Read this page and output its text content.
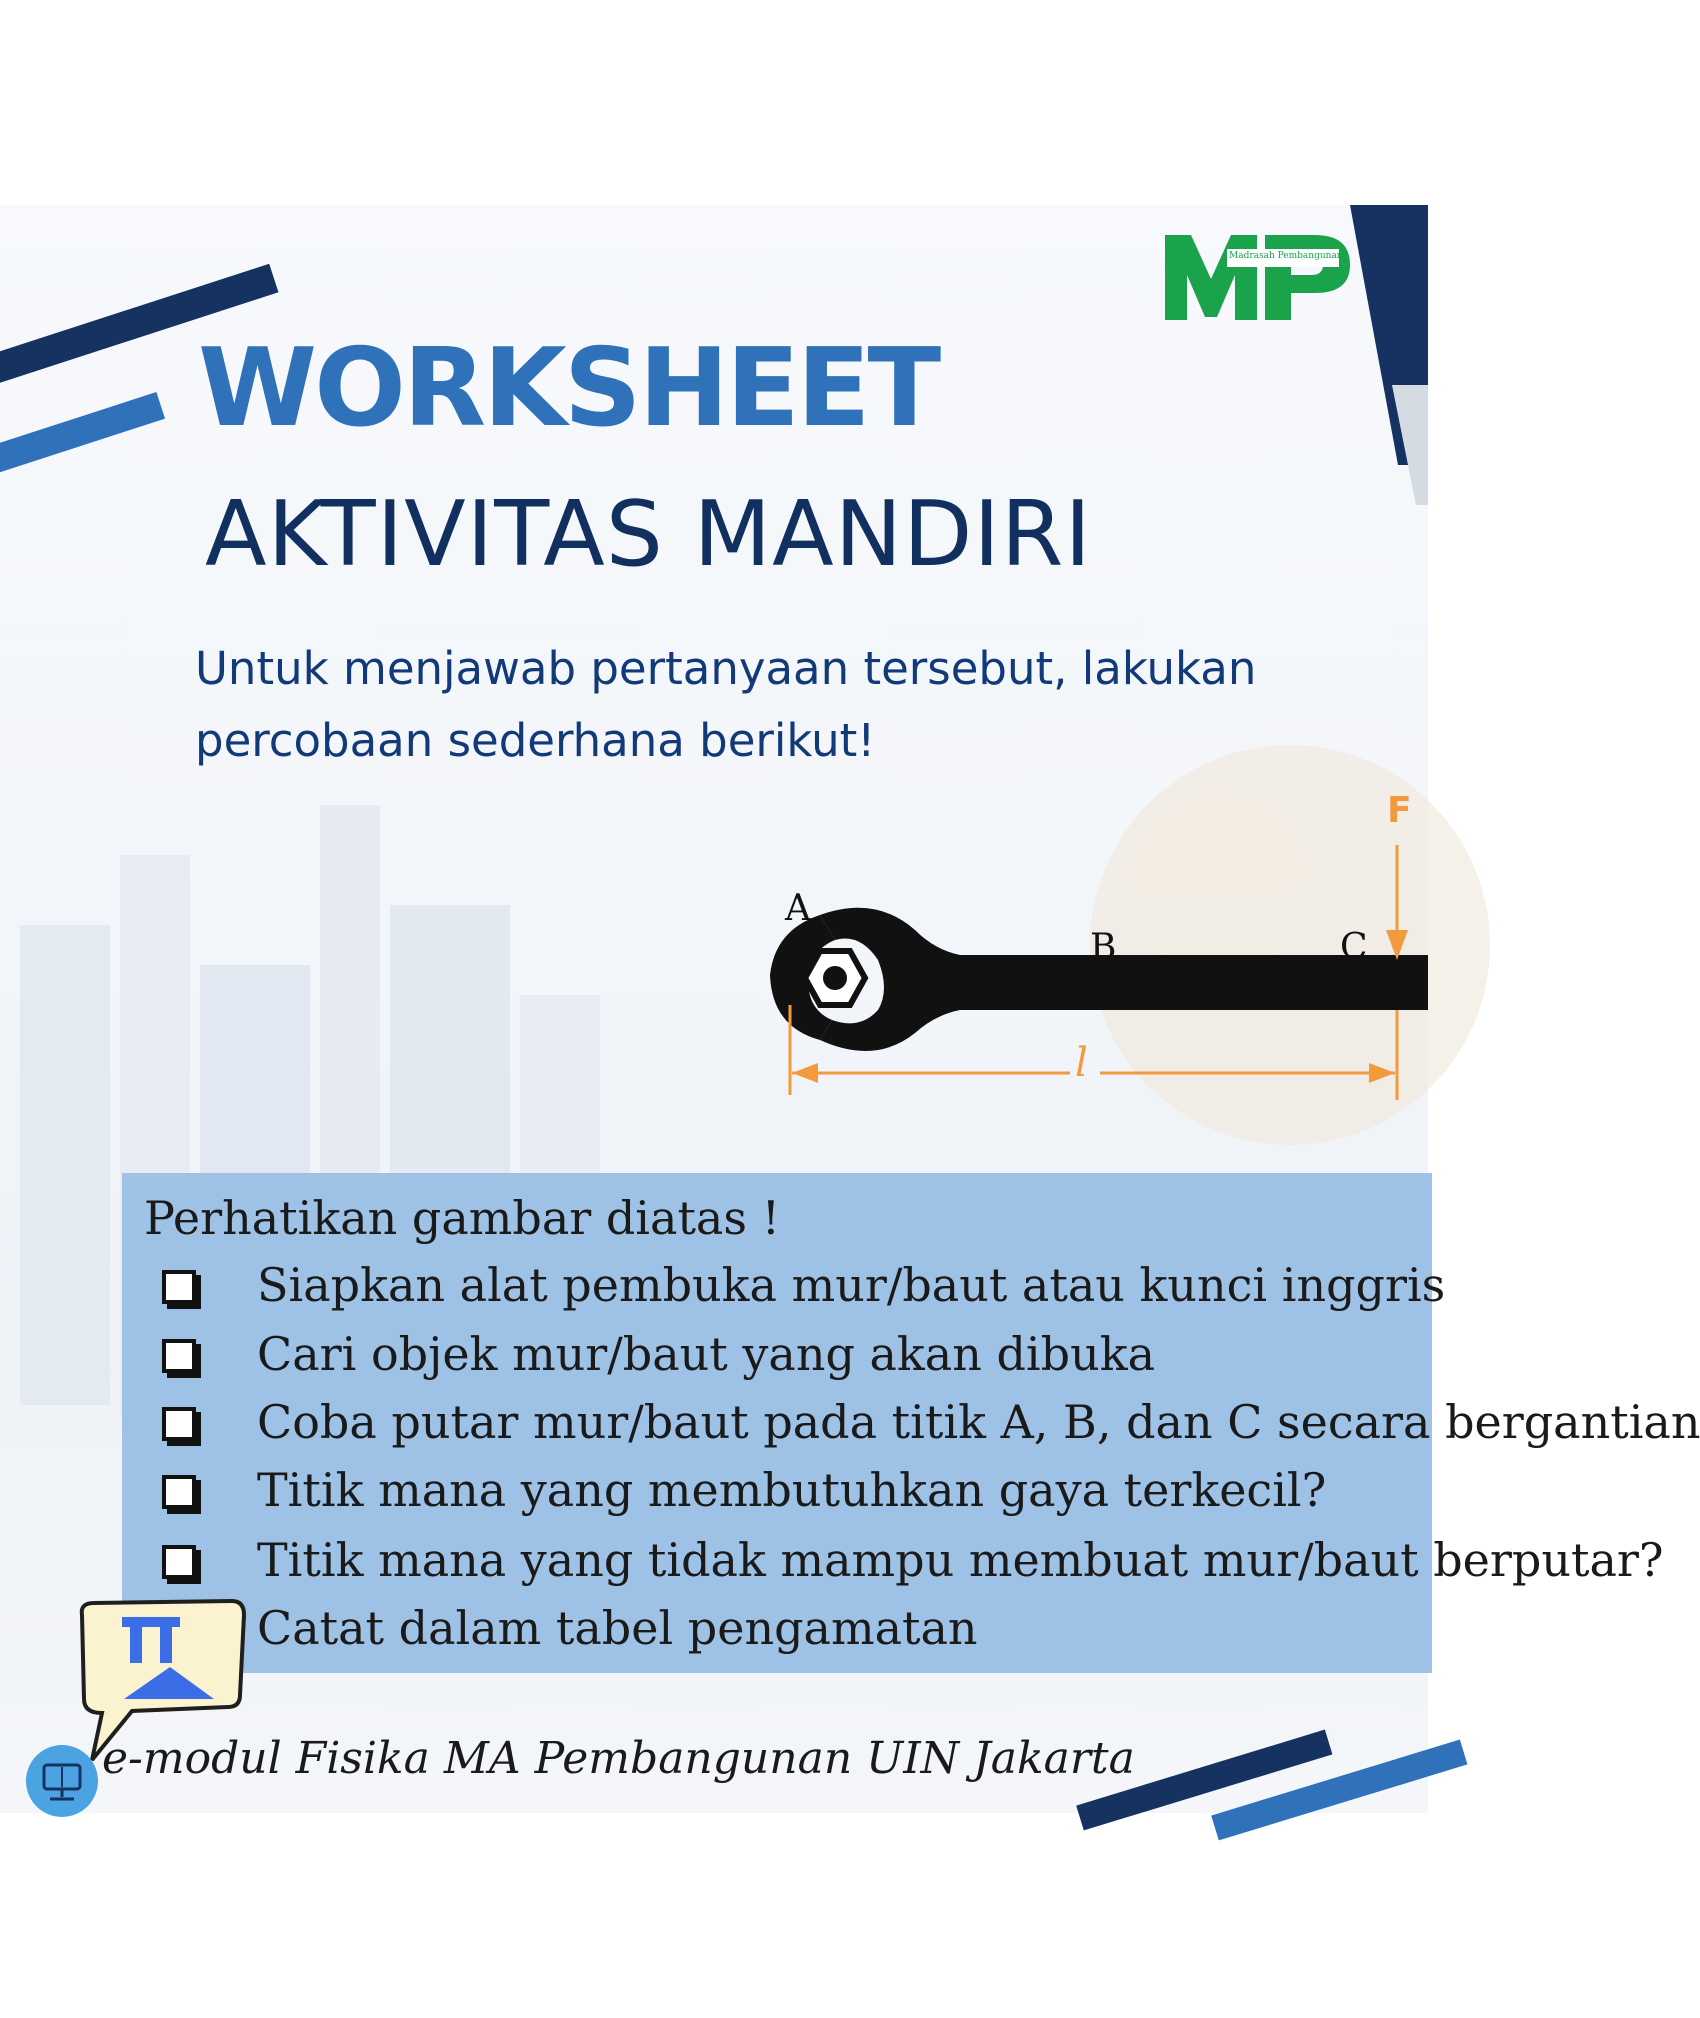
Madrasah Pembangunan
WORKSHEET
AKTIVITAS MANDIRI
Untuk menjawab pertanyaan tersebut, lakukan percobaan sederhana berikut!
A
B	C
F
l
Perhatikan gambar diatas !
Siapkan alat pembuka mur/baut atau kunci inggris
Cari objek mur/baut yang akan dibuka
Coba putar mur/baut pada titik A, B, dan C secara bergantian
Titik mana yang membutuhkan gaya terkecil?
Titik mana yang tidak mampu membuat mur/baut berputar?
Catat dalam tabel pengamatan
e-modul Fisika MA Pembangunan UIN Jakarta
